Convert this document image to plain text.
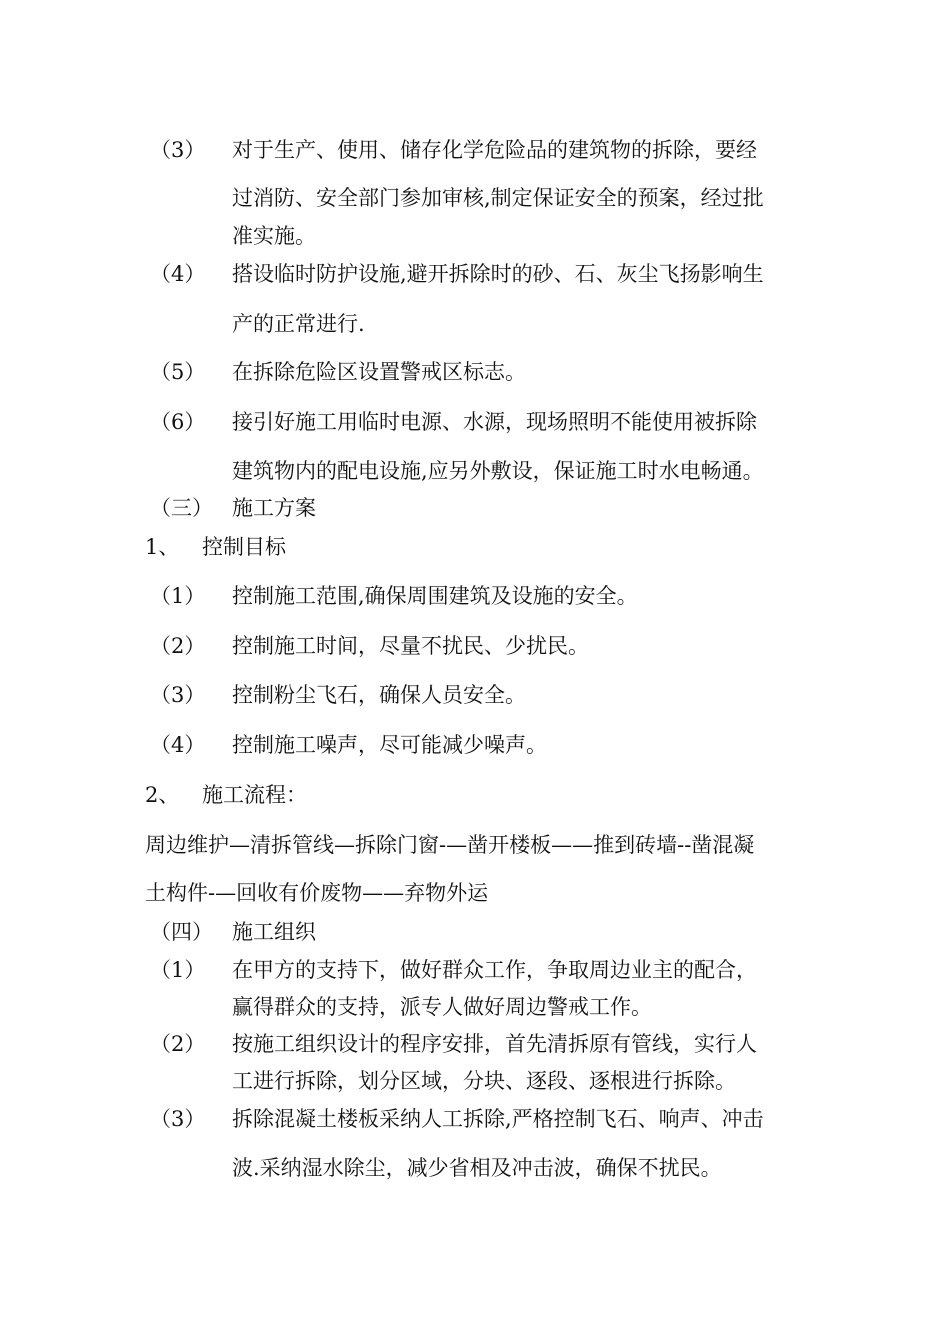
（3） 对于生产、使用、储存化学危险品的建筑物的拆除，要经
过消防、安全部门参加审核,制定保证安全的预案，经过批
准实施。
（4） 搭设临时防护设施,避开拆除时的砂、石、灰尘飞扬影响生
产的正常进行.
（5） 在拆除危险区设置警戒区标志。
（6） 接引好施工用临时电源、水源，现场照明不能使用被拆除
建筑物内的配电设施,应另外敷设，保证施工时水电畅通。
（三） 施工方案
1、 控制目标
（1） 控制施工范围,确保周围建筑及设施的安全。
（2） 控制施工时间，尽量不扰民、少扰民。
（3） 控制粉尘飞石，确保人员安全。
（4） 控制施工噪声，尽可能减少噪声。
2、 施工流程：
周边维护—清拆管线—拆除门窗-—凿开楼板——推到砖墙--凿混凝
土构件-—回收有价废物——弃物外运
（四） 施工组织
（1） 在甲方的支持下，做好群众工作，争取周边业主的配合，
赢得群众的支持，派专人做好周边警戒工作。
（2） 按施工组织设计的程序安排，首先清拆原有管线，实行人
工进行拆除，划分区域，分块、逐段、逐根进行拆除。
（3） 拆除混凝土楼板采纳人工拆除,严格控制飞石、响声、冲击
波.采纳湿水除尘，减少省相及冲击波，确保不扰民。
